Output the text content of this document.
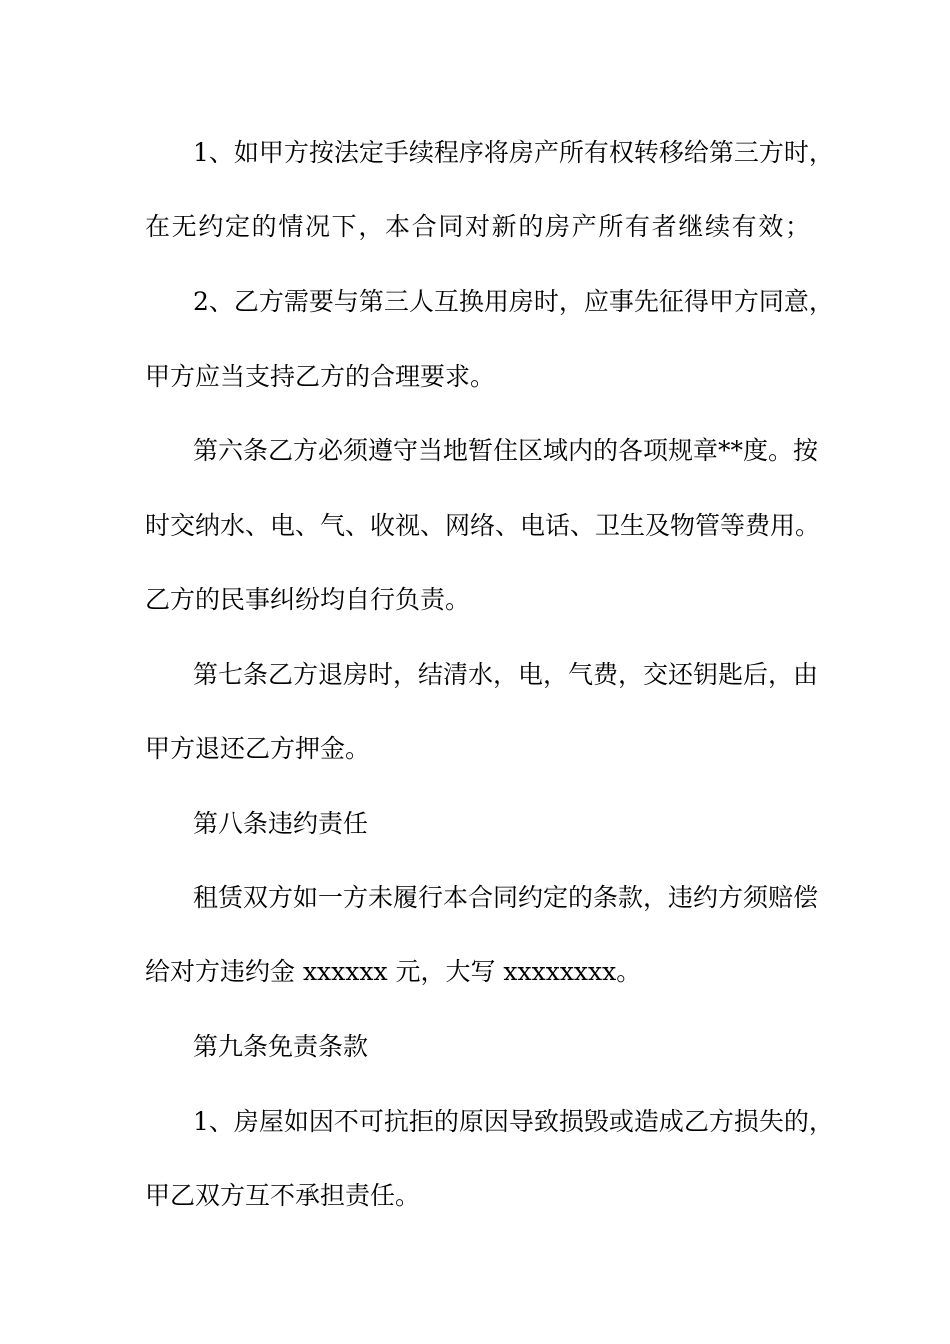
1、如甲方按法定手续程序将房产所有权转移给第三方时，
在无约定的情况下，本合同对新的房产所有者继续有效；
2、乙方需要与第三人互换用房时，应事先征得甲方同意，
甲方应当支持乙方的合理要求。
第六条乙方必须遵守当地暂住区域内的各项规章**度。按
时交纳水、电、气、收视、网络、电话、卫生及物管等费用。
乙方的民事纠纷均自行负责。
第七条乙方退房时，结清水，电，气费，交还钥匙后，由
甲方退还乙方押金。
第八条违约责任
租赁双方如一方未履行本合同约定的条款，违约方须赔偿
给对方违约金 xxxxxx 元，大写 xxxxxxxx。
第九条免责条款
1、房屋如因不可抗拒的原因导致损毁或造成乙方损失的，
甲乙双方互不承担责任。
